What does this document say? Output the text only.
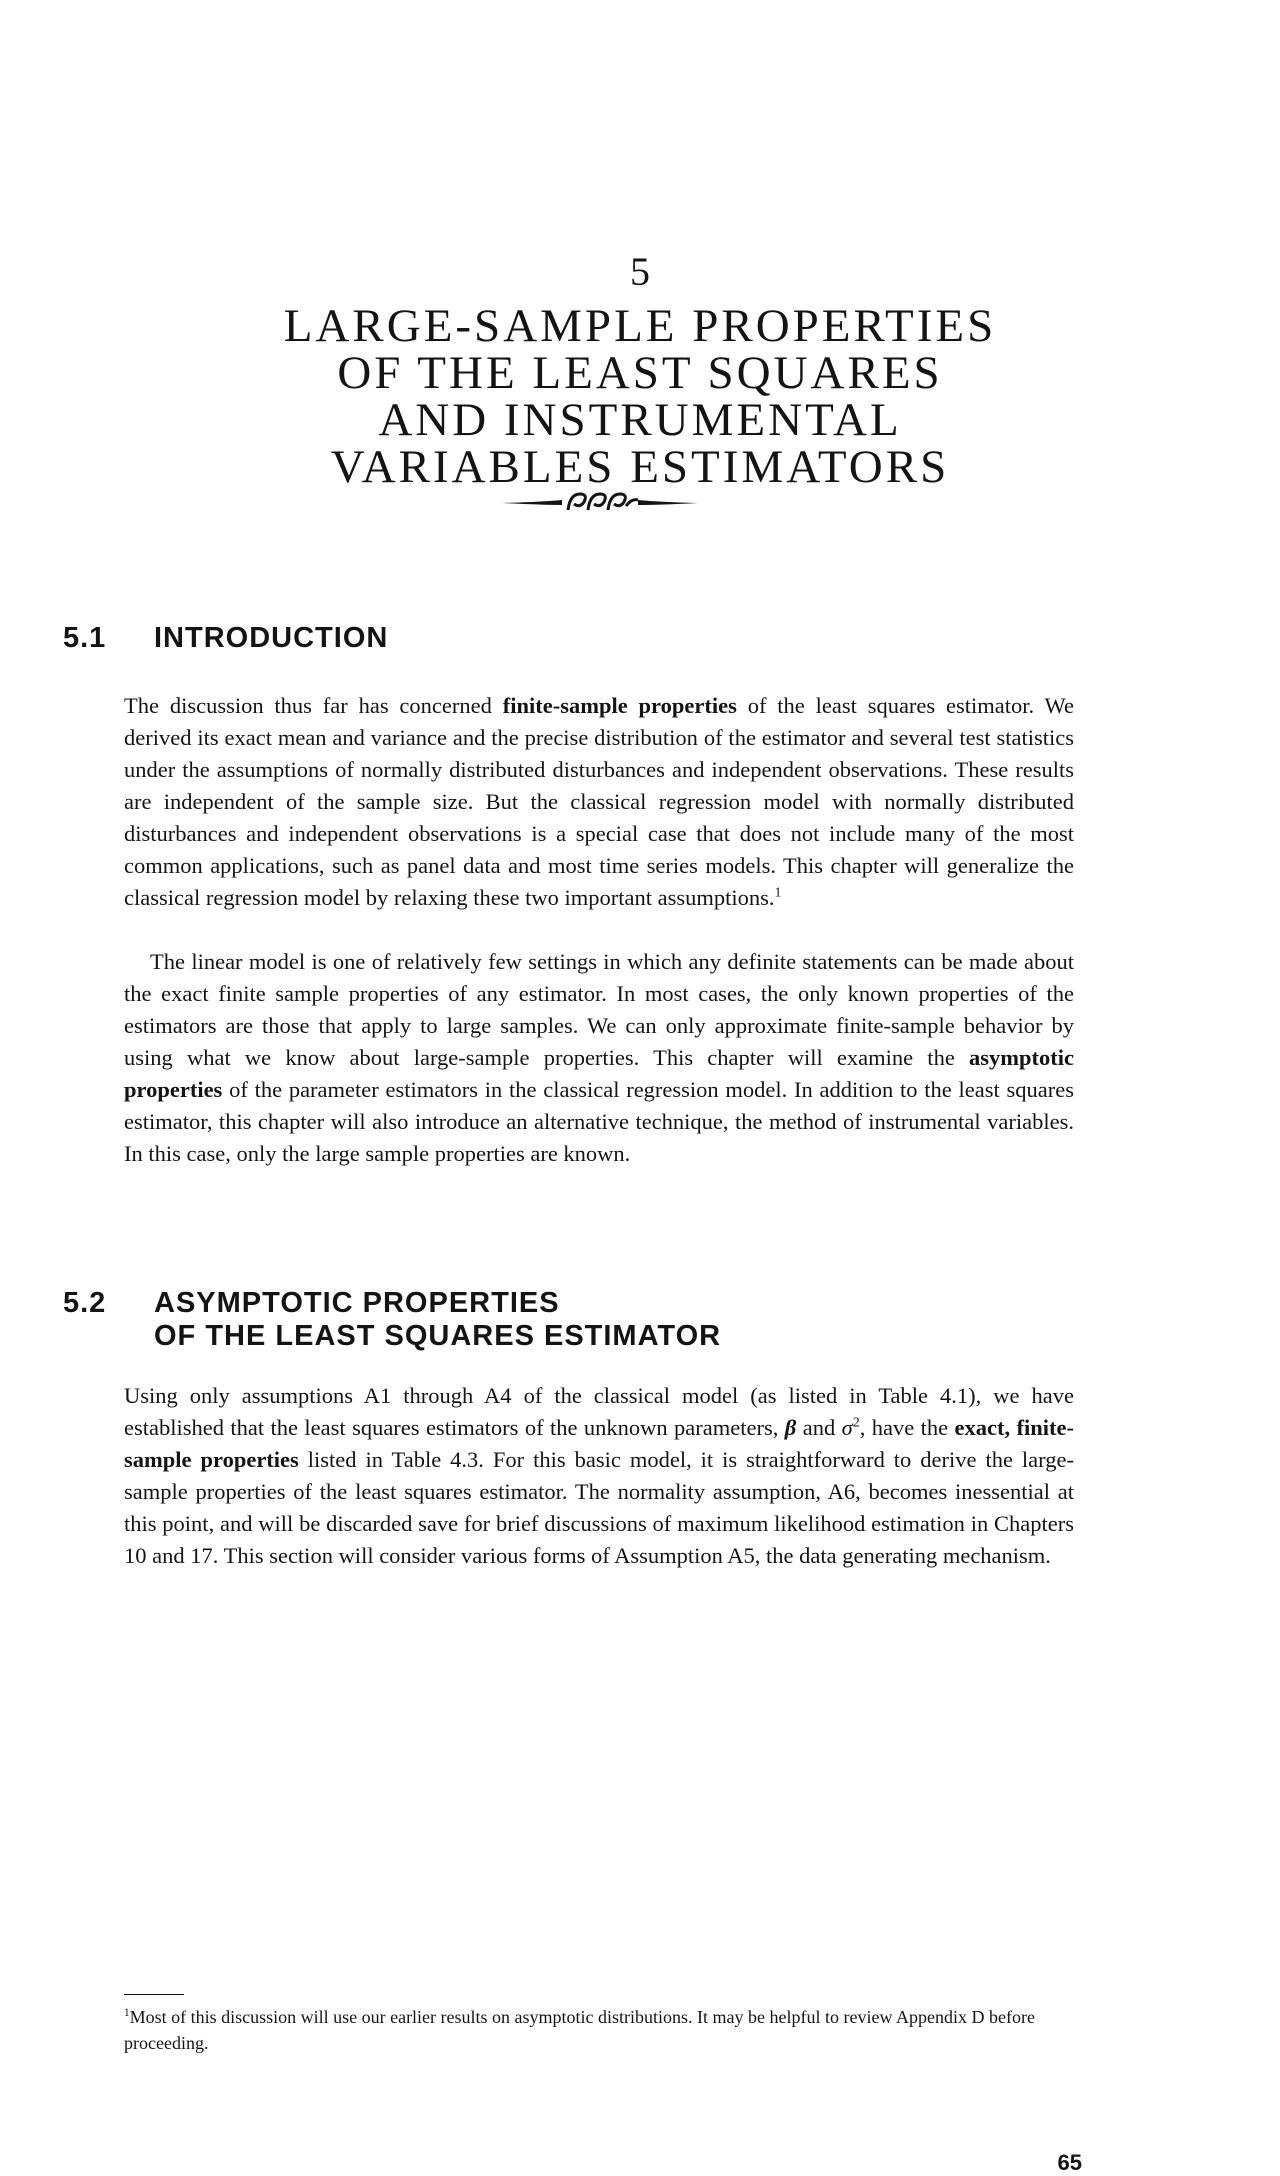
5
LARGE-SAMPLE PROPERTIES
OF THE LEAST SQUARES
AND INSTRUMENTAL
VARIABLES ESTIMATORS
5.1 INTRODUCTION
The discussion thus far has concerned finite-sample properties of the least squares estimator. We derived its exact mean and variance and the precise distribution of the estimator and several test statistics under the assumptions of normally distributed disturbances and independent observations. These results are independent of the sample size. But the classical regression model with normally distributed disturbances and independent observations is a special case that does not include many of the most common applications, such as panel data and most time series models. This chapter will generalize the classical regression model by relaxing these two important assumptions.$^1$
The linear model is one of relatively few settings in which any definite statements can be made about the exact finite sample properties of any estimator. In most cases, the only known properties of the estimators are those that apply to large samples. We can only approximate finite-sample behavior by using what we know about large-sample properties. This chapter will examine the asymptotic properties of the parameter estimators in the classical regression model. In addition to the least squares estimator, this chapter will also introduce an alternative technique, the method of instrumental variables. In this case, only the large sample properties are known.
5.2 ASYMPTOTIC PROPERTIES
OF THE LEAST SQUARES ESTIMATOR
Using only assumptions A1 through A4 of the classical model (as listed in Table 4.1), we have established that the least squares estimators of the unknown parameters, β and $\sigma^2$, have the exact, finite-sample properties listed in Table 4.3. For this basic model, it is straightforward to derive the large-sample properties of the least squares estimator. The normality assumption, A6, becomes inessential at this point, and will be discarded save for brief discussions of maximum likelihood estimation in Chapters 10 and 17. This section will consider various forms of Assumption A5, the data generating mechanism.
$^1$Most of this discussion will use our earlier results on asymptotic distributions. It may be helpful to review Appendix D before proceeding.
65
